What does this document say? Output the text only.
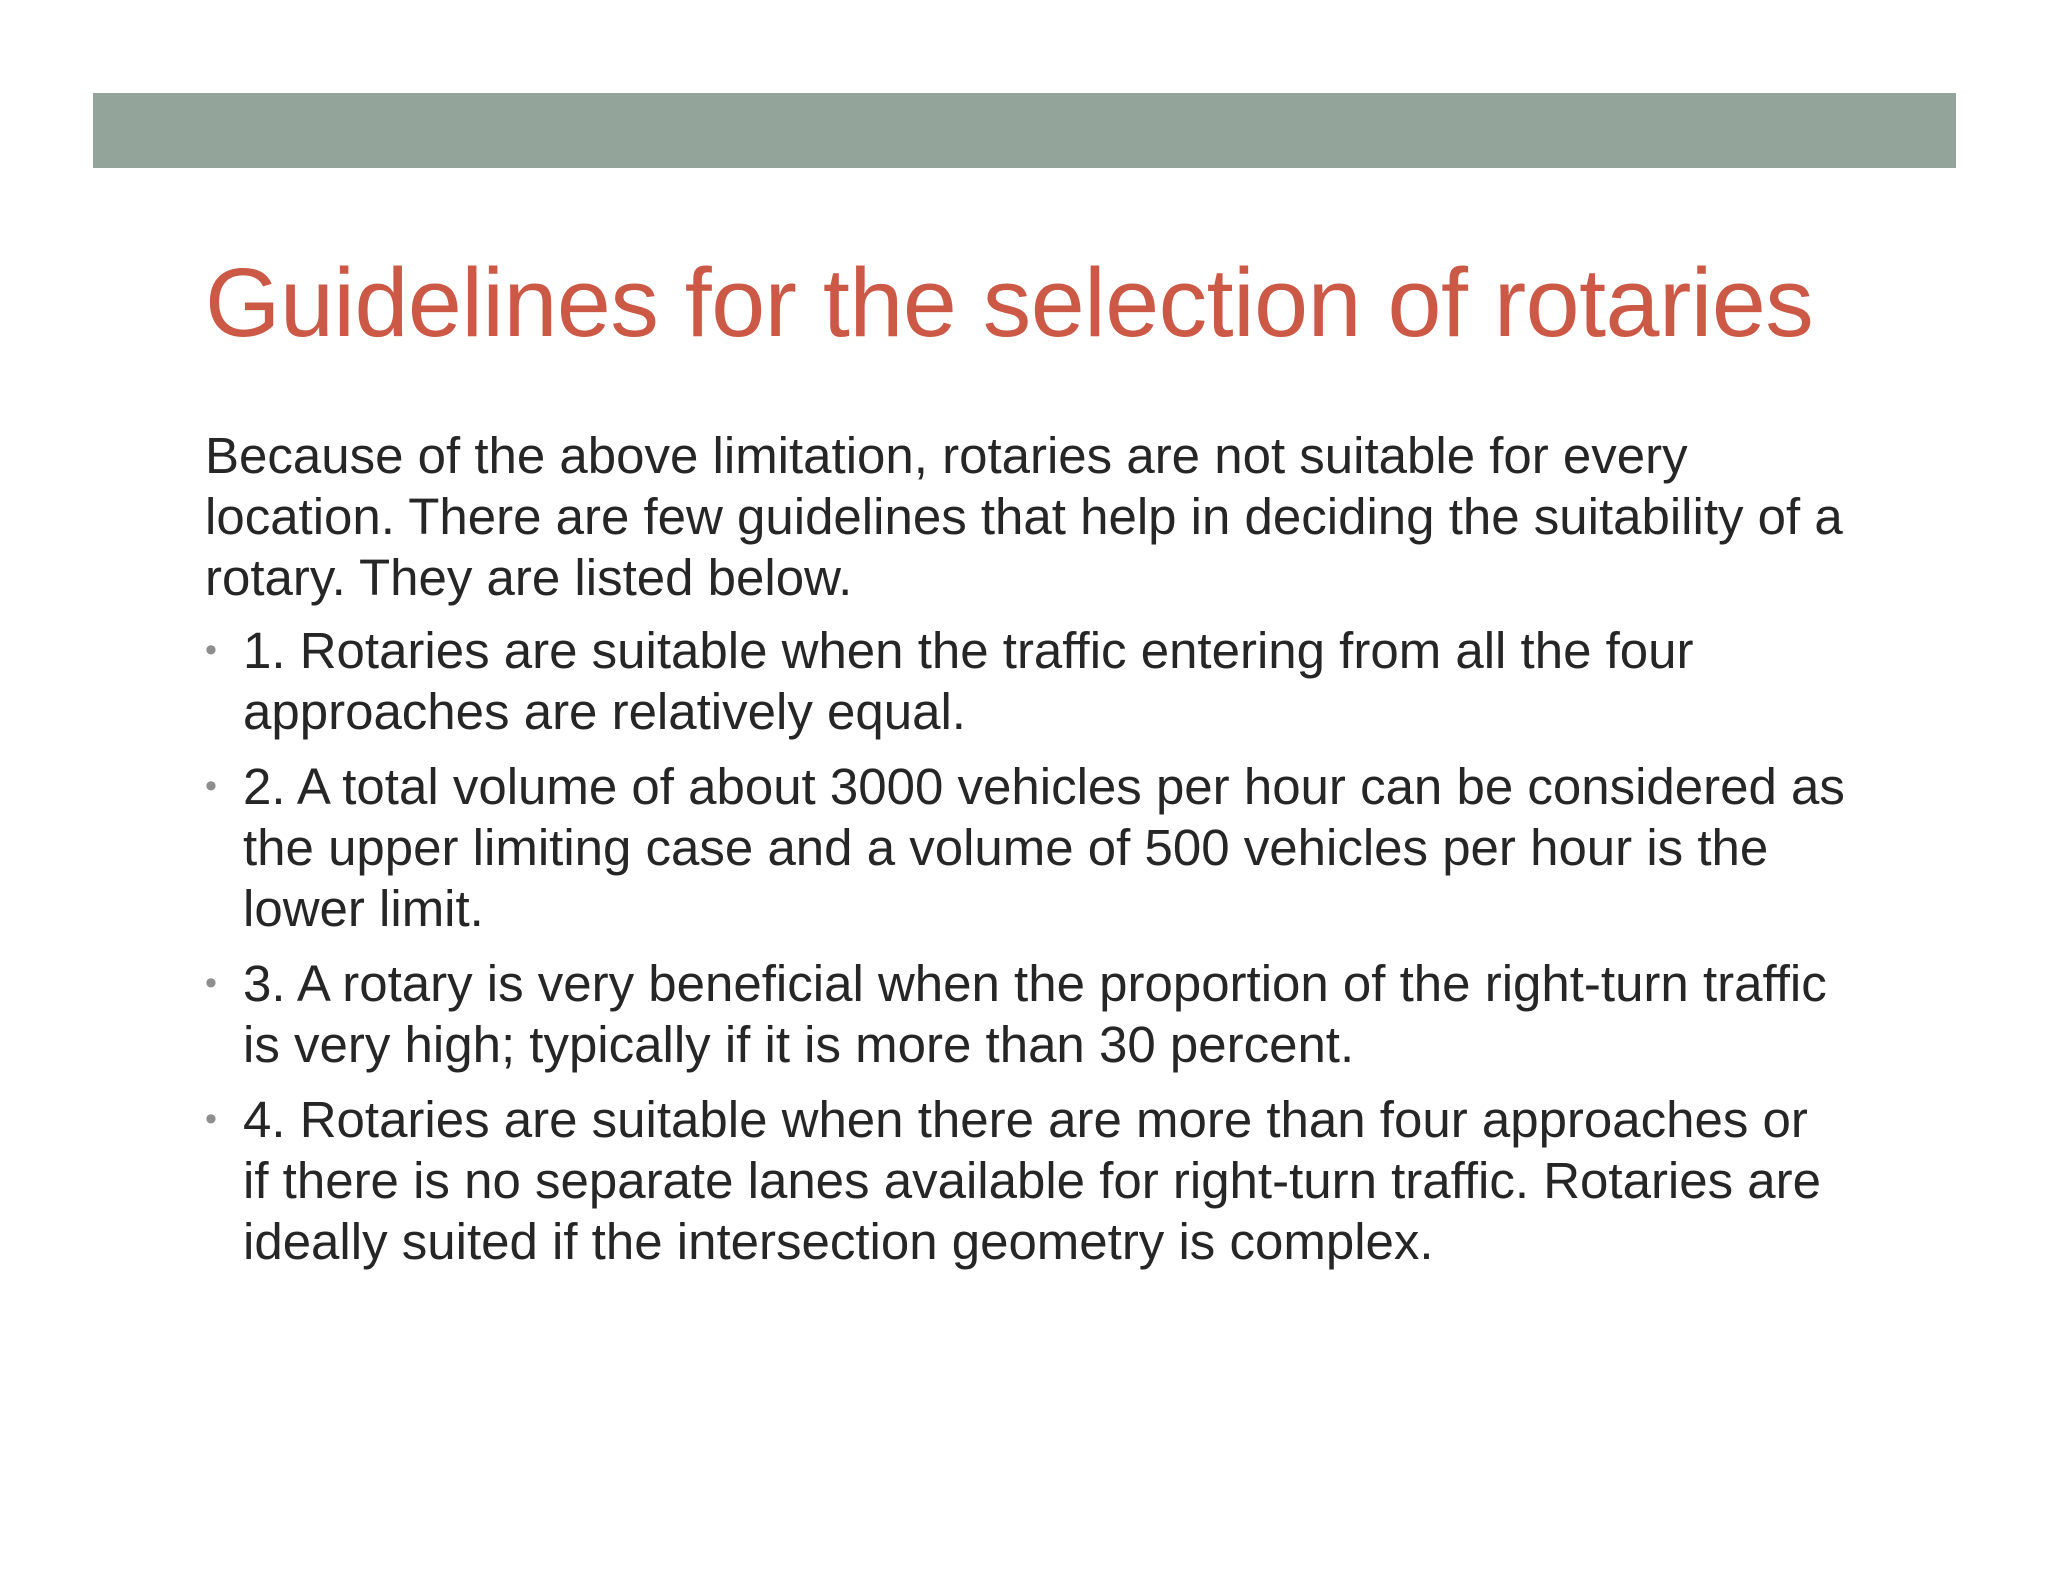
Guidelines for the selection of rotaries

Because of the above limitation, rotaries are not suitable for every location. There are few guidelines that help in deciding the suitability of a rotary. They are listed below.

• 1. Rotaries are suitable when the traffic entering from all the four approaches are relatively equal.
• 2. A total volume of about 3000 vehicles per hour can be considered as the upper limiting case and a volume of 500 vehicles per hour is the lower limit.
• 3. A rotary is very beneficial when the proportion of the right-turn traffic is very high; typically if it is more than 30 percent.
• 4. Rotaries are suitable when there are more than four approaches or if there is no separate lanes available for right-turn traffic. Rotaries are ideally suited if the intersection geometry is complex.
